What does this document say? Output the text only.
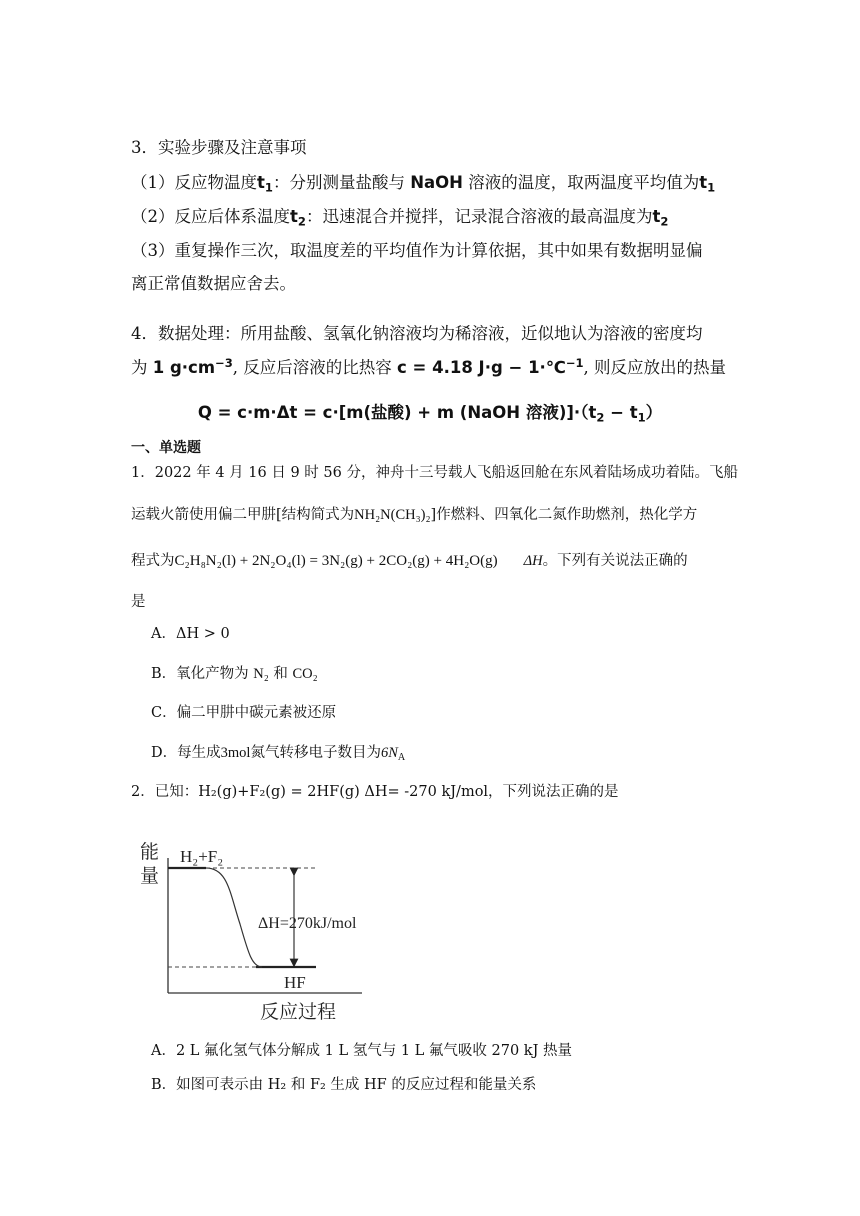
3．实验步骤及注意事项
（1）反应物温度$t_1$：分别测量盐酸与 NaOH 溶液的温度，取两温度平均值为$t_1$
（2）反应后体系温度$t_2$：迅速混合并搅拌，记录混合溶液的最高温度为$t_2$
（3）重复操作三次，取温度差的平均值作为计算依据，其中如果有数据明显偏
离正常值数据应舍去。
4．数据处理：所用盐酸、氢氧化钠溶液均为稀溶液，近似地认为溶液的密度均
为 1 $g\cdot cm^{-3}$, 反应后溶液的比热容 c = 4.18 J·g − 1·℃$^{-1}$, 则反应放出的热量
Q = c·m·Δt = c·[m(盐酸) + m (NaOH 溶液)]$\cdot(t_2 - t_1)$
一、单选题
1．2022 年 4 月 16 日 9 时 56 分，神舟十三号载人飞船返回舱在东风着陆场成功着陆。飞船
运载火箭使用偏二甲肼[结构简式为NH₂N(CH₃)₂]作燃料、四氧化二氮作助燃剂，热化学方
程式为C₂H₈N₂(l) + 2N₂O₄(l) = 3N₂(g) + 2CO₂(g) + 4H₂O(g) ΔH。下列有关说法正确的
是
A．ΔH > 0
B．氧化产物为 N₂ 和 CO₂
C．偏二甲肼中碳元素被还原
D．每生成3mol氮气转移电子数目为$6N_A$
2．已知：H₂(g)+F₂(g) = 2HF(g) ΔH= -270 kJ/mol，下列说法正确的是
能
量
反应过程
H₂+F₂
ΔH=270kJ/mol
HF
A．2 L 氟化氢气体分解成 1 L 氢气与 1 L 氟气吸收 270 kJ 热量
B．如图可表示由 H₂ 和 F₂ 生成 HF 的反应过程和能量关系
